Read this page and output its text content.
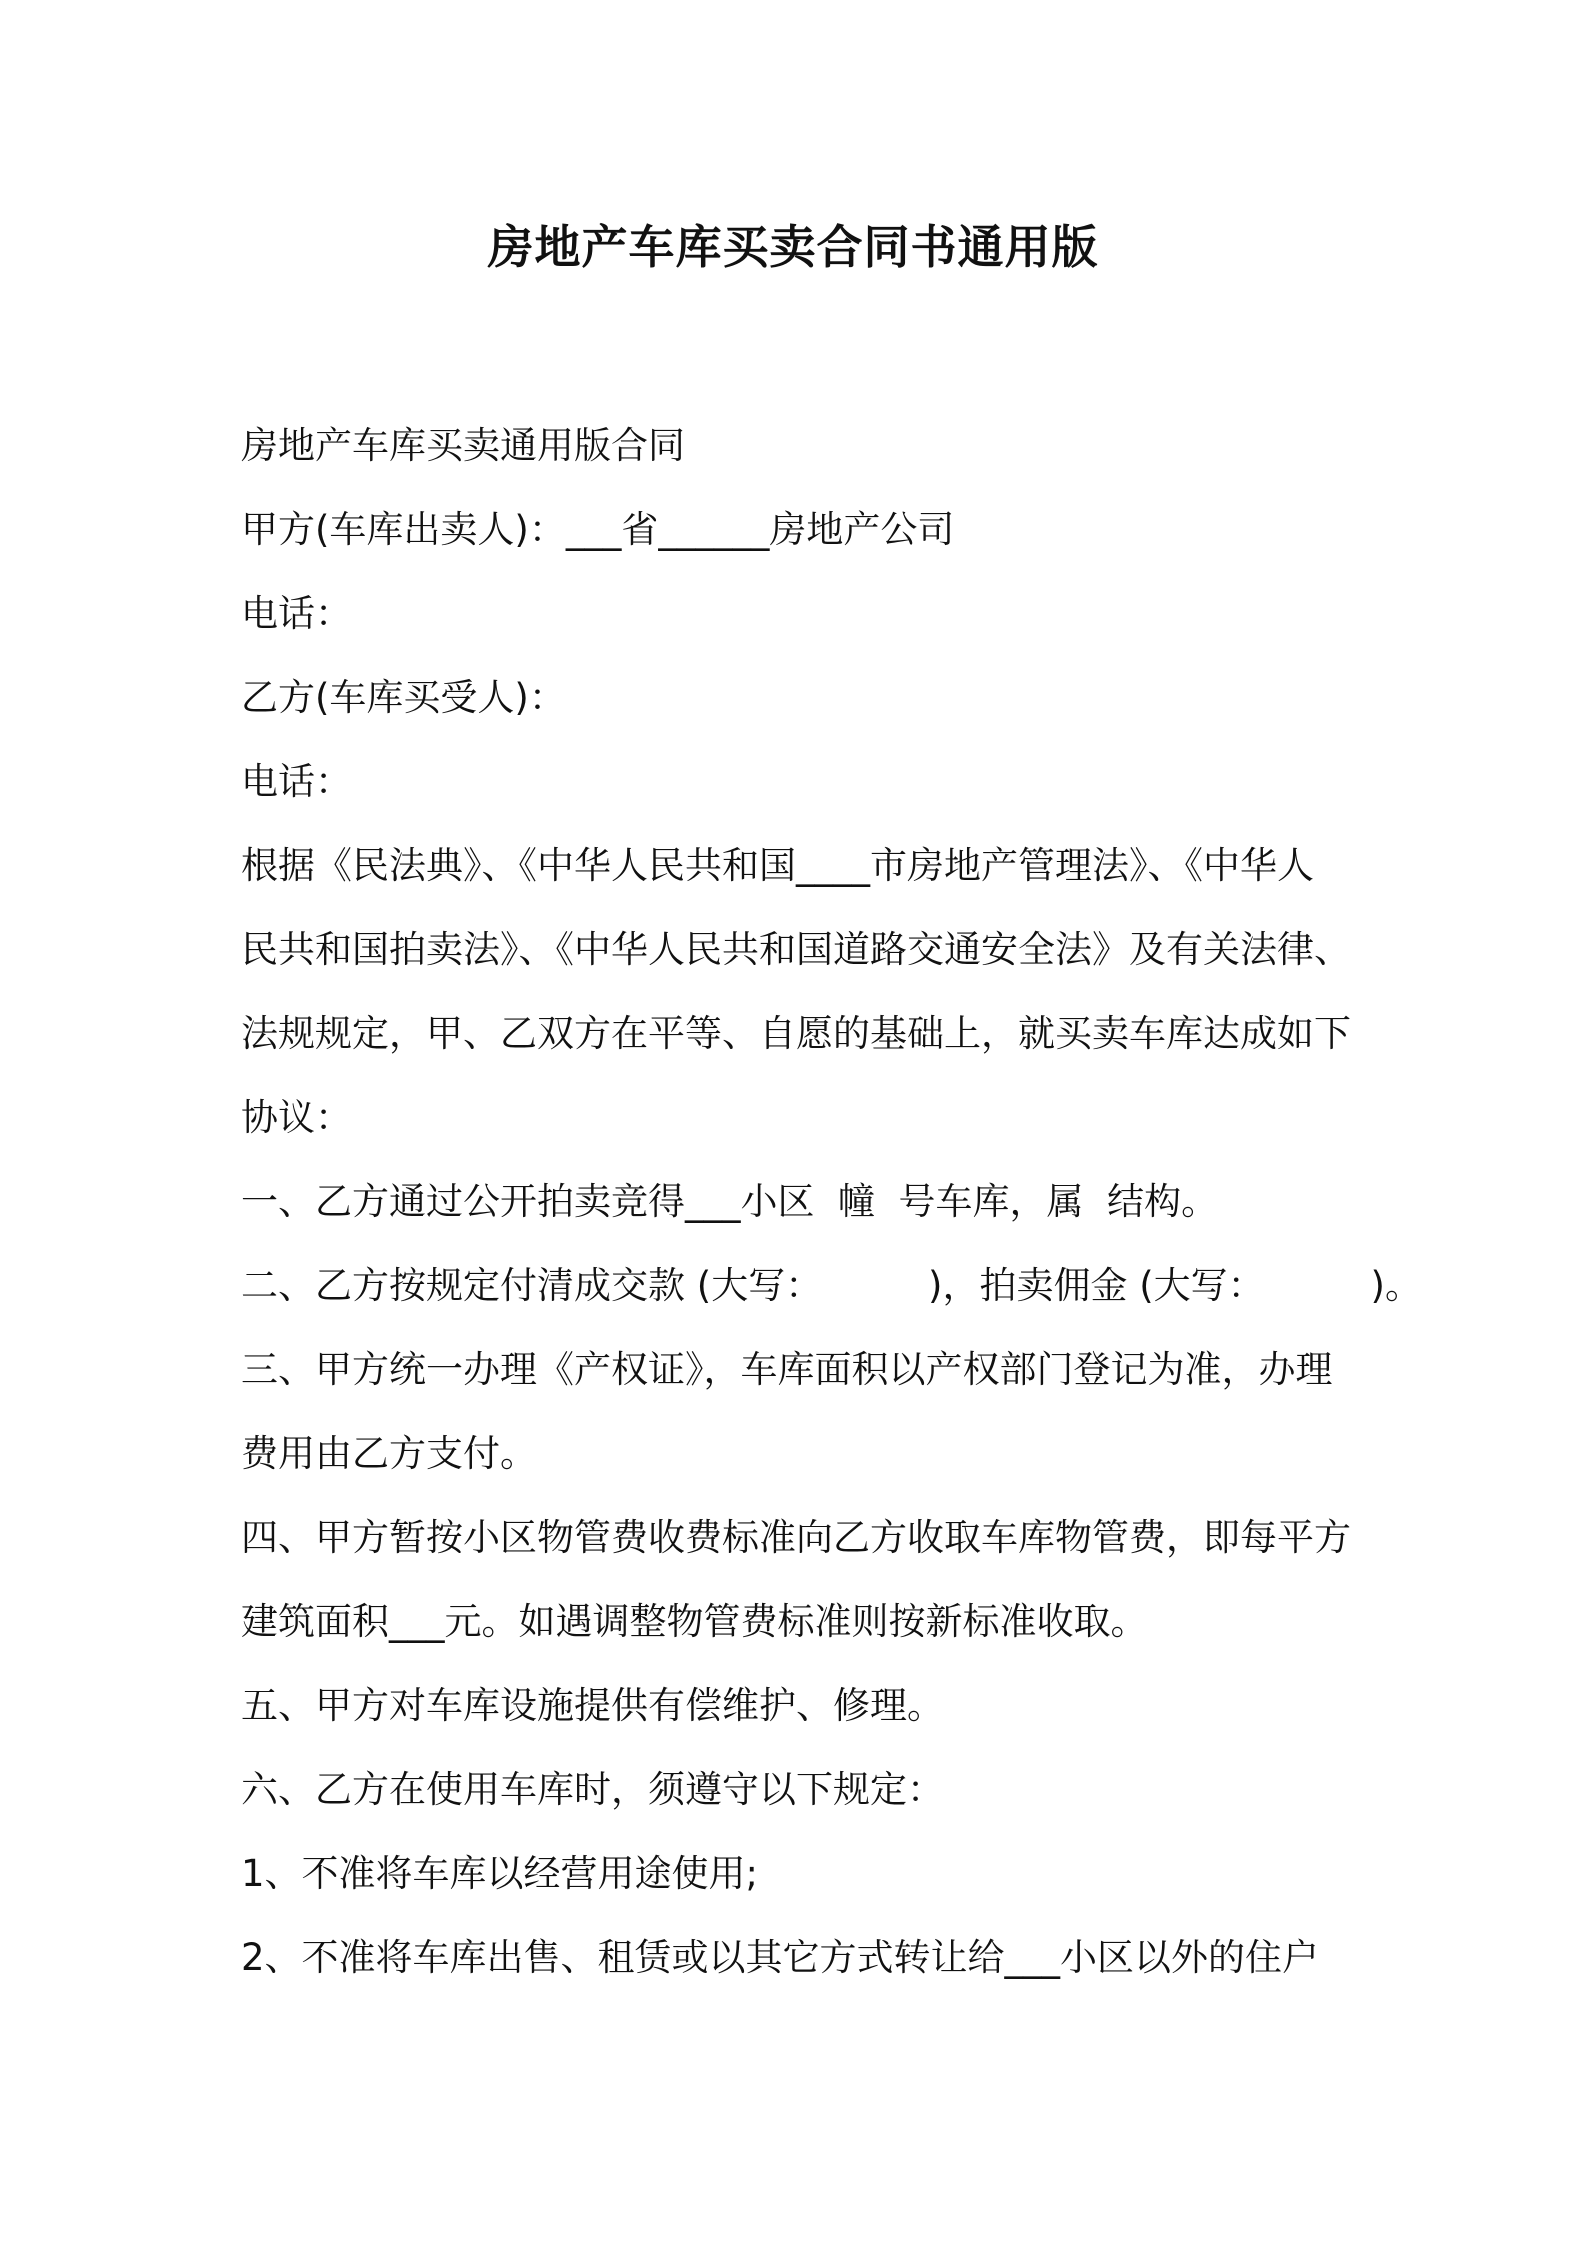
房地产车库买卖合同书通用版

房地产车库买卖通用版合同

甲方(车库出卖人)：___省______房地产公司

电话：

乙方(车库买受人)：

电话：

根据《民法典》、《中华人民共和国____市房地产管理法》、《中华人

民共和国拍卖法》、《中华人民共和国道路交通安全法》及有关法律、

法规规定，甲、乙双方在平等、自愿的基础上，就买卖车库达成如下

协议：

一、乙方通过公开拍卖竞得___小区  幢  号车库，属  结构。

二、乙方按规定付清成交款 (大写：         )，拍卖佣金 (大写：         )。

三、甲方统一办理《产权证》，车库面积以产权部门登记为准，办理

费用由乙方支付。

四、甲方暂按小区物管费收费标准向乙方收取车库物管费，即每平方

建筑面积___元。如遇调整物管费标准则按新标准收取。

五、甲方对车库设施提供有偿维护、修理。

六、乙方在使用车库时，须遵守以下规定：

1、不准将车库以经营用途使用;

2、不准将车库出售、租赁或以其它方式转让给___小区以外的住户
